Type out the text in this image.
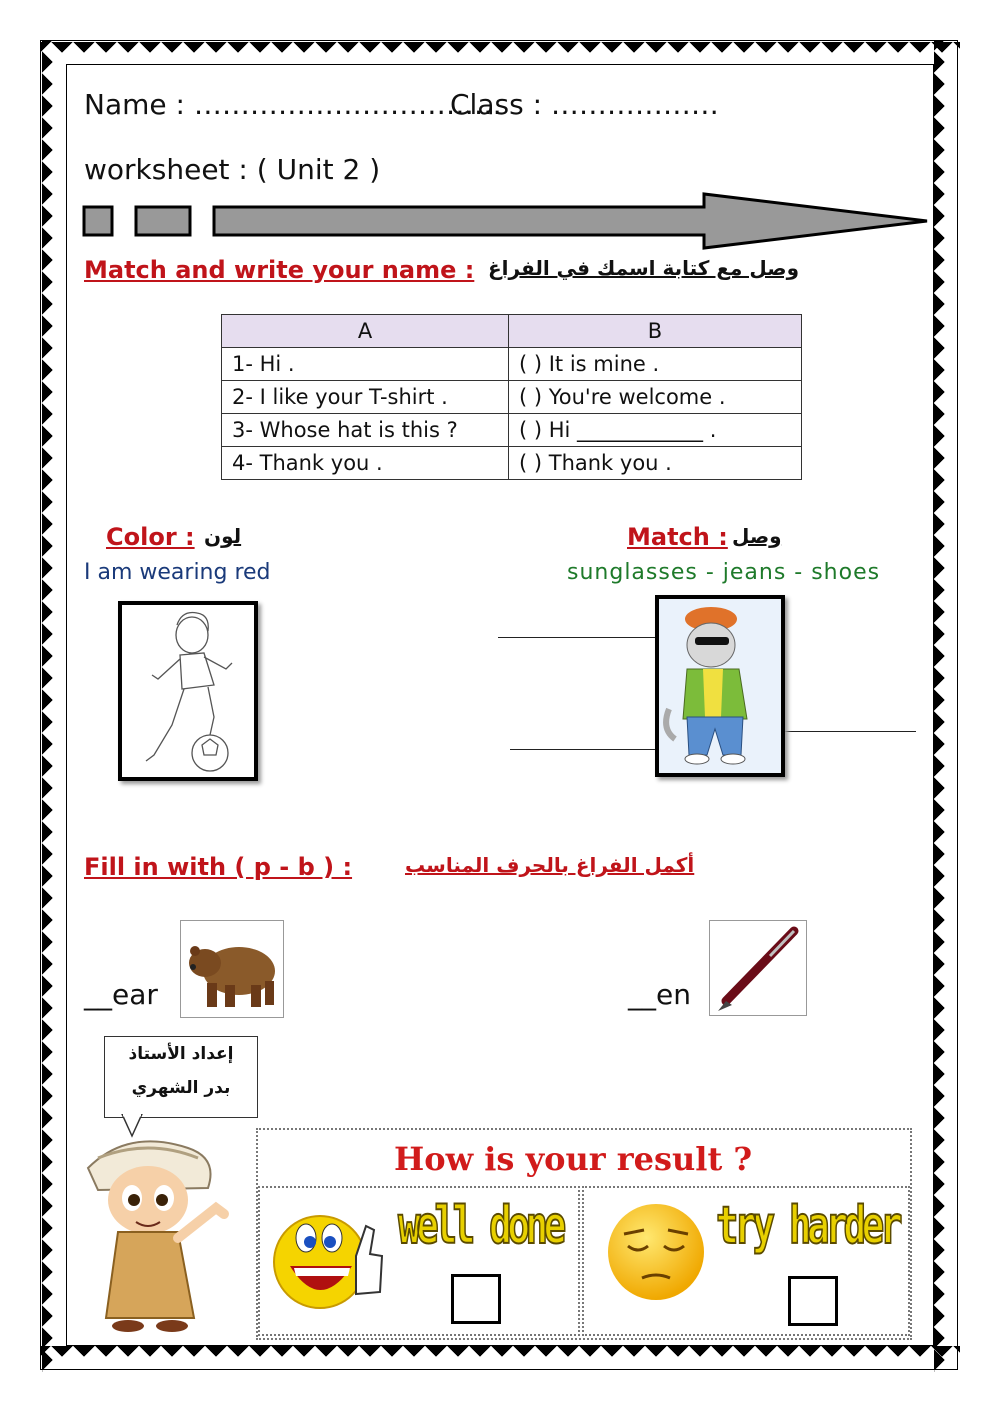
Name : ……………………………
Class : ………………
worksheet : ( Unit 2 )
Match and write your name : وصل مع كتابة اسمك في الفراغ
A	B
1- Hi .	( ) It is mine .
2- I like your T-shirt .	( ) You're welcome .
3- Whose hat is this ?	( ) Hi ____________ .
4- Thank you .	( ) Thank you .
Color : لون
I am wearing red
Match : وصل
sunglasses - jeans - shoes
Fill in with ( p - b ) :	أكمل الفراغ بالحرف المناسب
__ear	__en
إعداد الأستاذ
بدر الشهري
How is your result ?
well done	try harder
